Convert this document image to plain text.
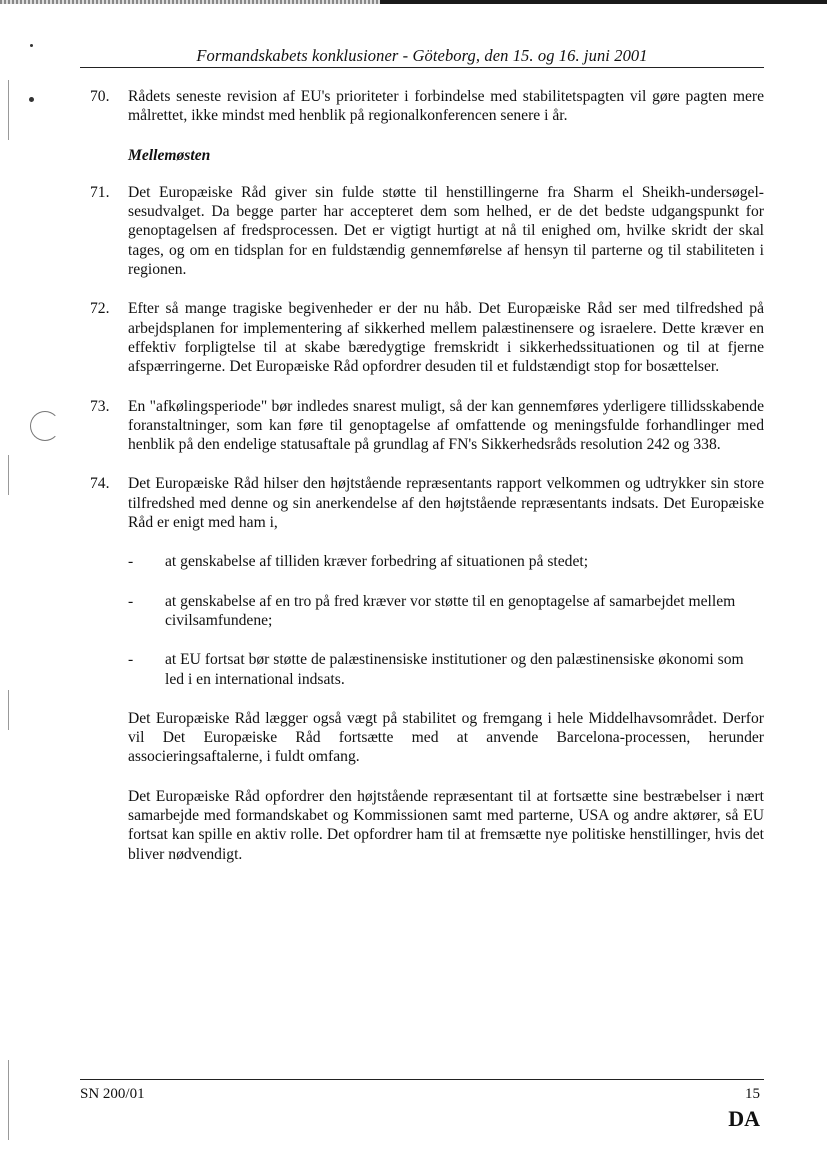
Formandskabets konklusioner - Göteborg, den 15. og 16. juni 2001
70.	Rådets seneste revision af EU's prioriteter i forbindelse med stabilitetspagten vil gøre pagten mere målrettet, ikke mindst med henblik på regionalkonferencen senere i år.
Mellemøsten
71.	Det Europæiske Råd giver sin fulde støtte til henstillingerne fra Sharm el Sheikh-undersøgelsesudvalget. Da begge parter har accepteret dem som helhed, er de det bedste udgangspunkt for genoptagelsen af fredsprocessen. Det er vigtigt hurtigt at nå til enighed om, hvilke skridt der skal tages, og om en tidsplan for en fuldstændig gennemførelse af hensyn til parterne og til stabiliteten i regionen.
72.	Efter så mange tragiske begivenheder er der nu håb. Det Europæiske Råd ser med tilfredshed på arbejdsplanen for implementering af sikkerhed mellem palæstinensere og israelere. Dette kræver en effektiv forpligtelse til at skabe bæredygtige fremskridt i sikkerhedssituationen og til at fjerne afspærringerne. Det Europæiske Råd opfordrer desuden til et fuldstændigt stop for bosættelser.
73.	En "afkølingsperiode" bør indledes snarest muligt, så der kan gennemføres yderligere tillidsskabende foranstaltninger, som kan føre til genoptagelse af omfattende og meningsfulde forhandlinger med henblik på den endelige statusaftale på grundlag af FN's Sikkerhedsråds resolution 242 og 338.
74.	Det Europæiske Råd hilser den højtstående repræsentants rapport velkommen og udtrykker sin store tilfredshed med denne og sin anerkendelse af den højtstående repræsentants indsats. Det Europæiske Råd er enigt med ham i,
-	at genskabelse af tilliden kræver forbedring af situationen på stedet;
-	at genskabelse af en tro på fred kræver vor støtte til en genoptagelse af samarbejdet mellem civilsamfundene;
-	at EU fortsat bør støtte de palæstinensiske institutioner og den palæstinensiske økonomi som led i en international indsats.
Det Europæiske Råd lægger også vægt på stabilitet og fremgang i hele Middelhavsområdet. Derfor vil Det Europæiske Råd fortsætte med at anvende Barcelona-processen, herunder associeringsaftalerne, i fuldt omfang.
Det Europæiske Råd opfordrer den højtstående repræsentant til at fortsætte sine bestræbelser i nært samarbejde med formandskabet og Kommissionen samt med parterne, USA og andre aktører, så EU fortsat kan spille en aktiv rolle. Det opfordrer ham til at fremsætte nye politiske henstillinger, hvis det bliver nødvendigt.
SN 200/01	15
DA
